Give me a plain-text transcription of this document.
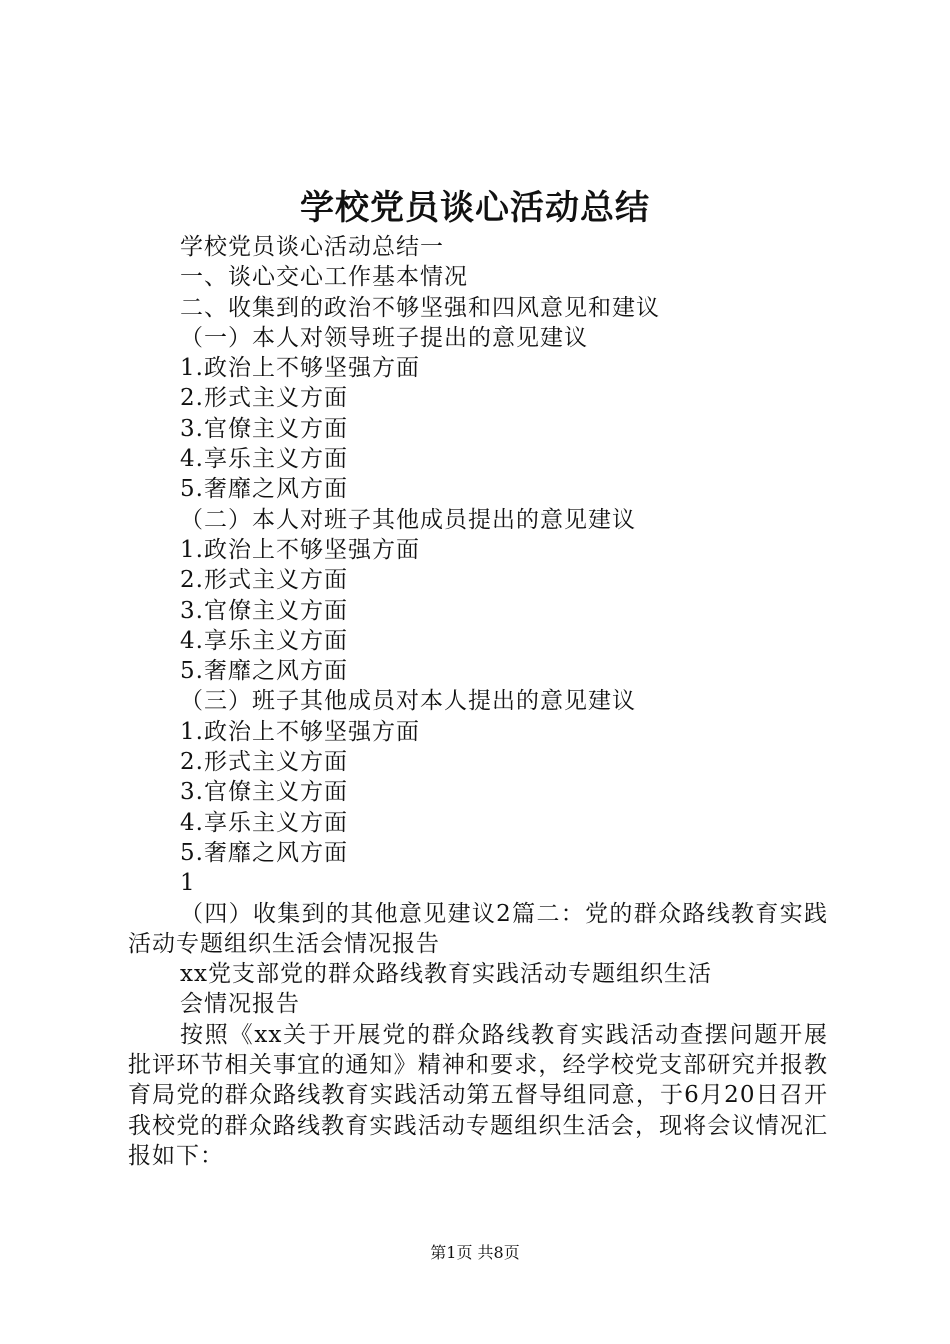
学校党员谈心活动总结
学校党员谈心活动总结一
一、谈心交心工作基本情况
二、收集到的政治不够坚强和四风意见和建议
（一）本人对领导班子提出的意见建议
1.政治上不够坚强方面
2.形式主义方面
3.官僚主义方面
4.享乐主义方面
5.奢靡之风方面
（二）本人对班子其他成员提出的意见建议
1.政治上不够坚强方面
2.形式主义方面
3.官僚主义方面
4.享乐主义方面
5.奢靡之风方面
（三）班子其他成员对本人提出的意见建议
1.政治上不够坚强方面
2.形式主义方面
3.官僚主义方面
4.享乐主义方面
5.奢靡之风方面
1
（四）收集到的其他意见建议2篇二：党的群众路线教育实践活动专题组织生活会情况报告
xx党支部党的群众路线教育实践活动专题组织生活
会情况报告
按照《xx关于开展党的群众路线教育实践活动查摆问题开展批评环节相关事宜的通知》精神和要求，经学校党支部研究并报教育局党的群众路线教育实践活动第五督导组同意，于6月20日召开我校党的群众路线教育实践活动专题组织生活会，现将会议情况汇报如下：
第1页 共8页
